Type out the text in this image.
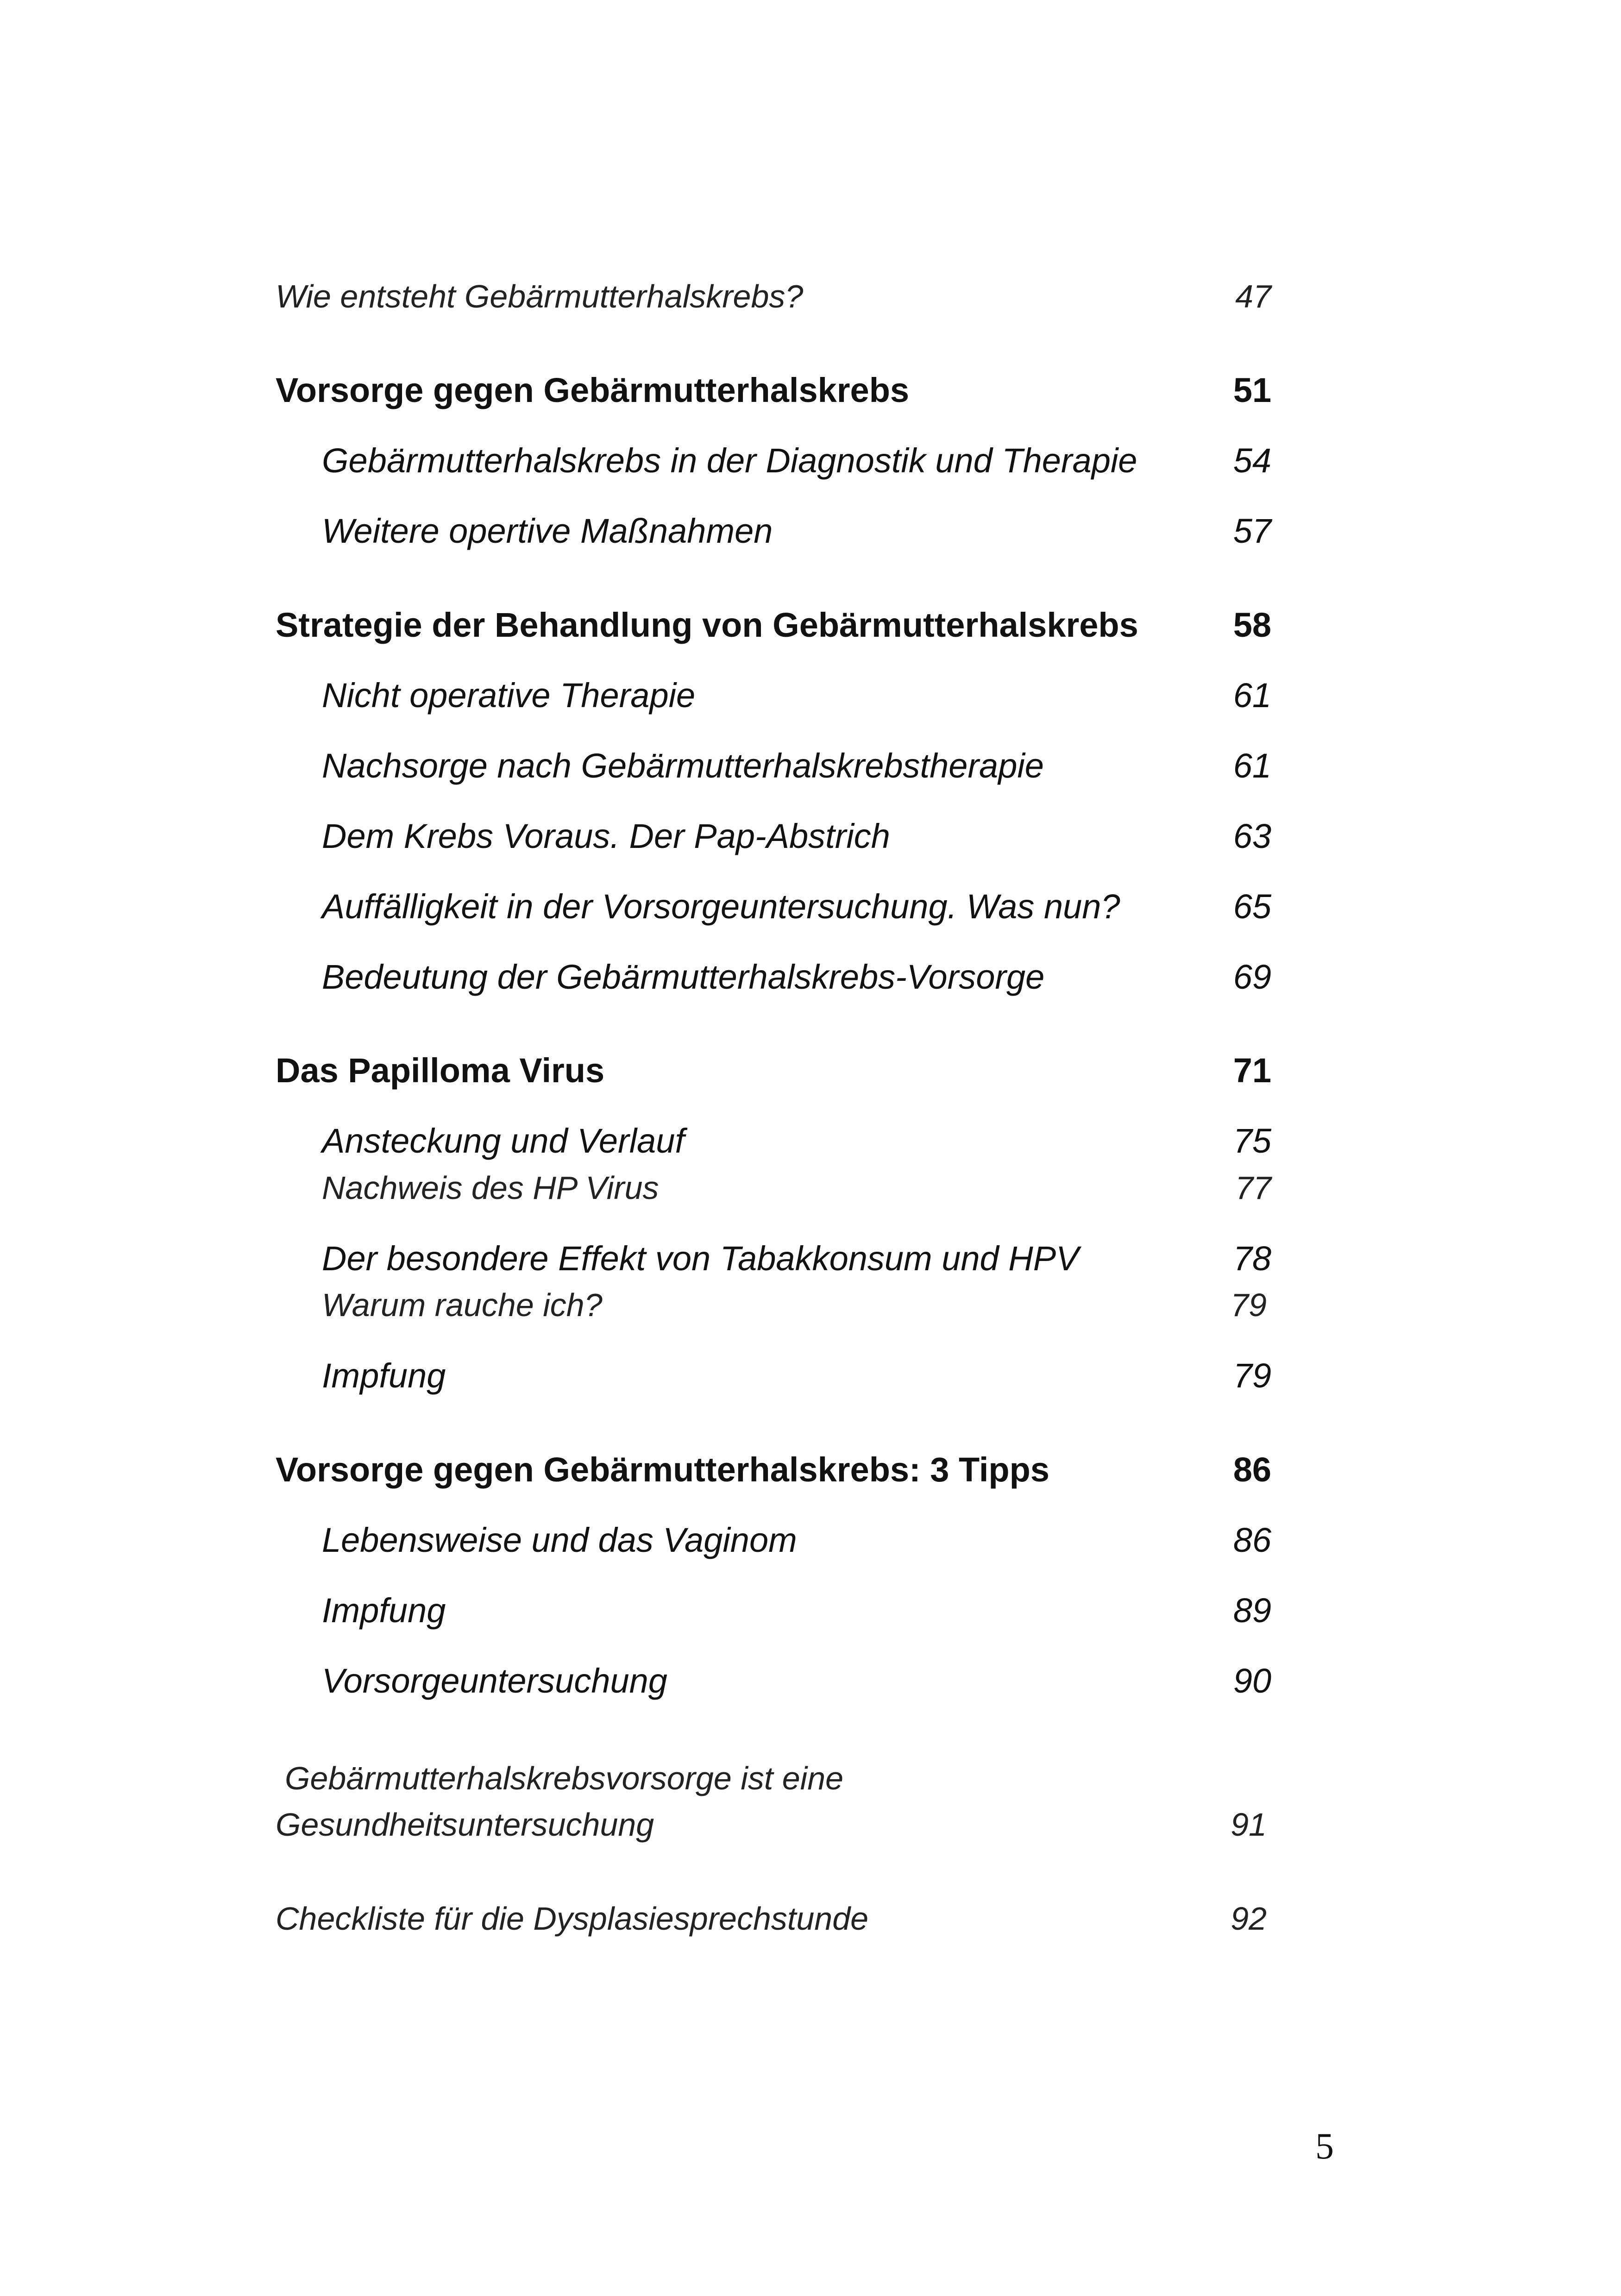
Wie entsteht Gebärmutterhalskrebs?	47
Vorsorge gegen Gebärmutterhalskrebs	51
Gebärmutterhalskrebs in der Diagnostik und Therapie	54
Weitere opertive Maßnahmen	57
Strategie der Behandlung von Gebärmutterhalskrebs	58
Nicht operative Therapie	61
Nachsorge nach Gebärmutterhalskrebstherapie	61
Dem Krebs Voraus. Der Pap-Abstrich	63
Auffälligkeit in der Vorsorgeuntersuchung. Was nun?	65
Bedeutung der Gebärmutterhalskrebs-Vorsorge	69
Das Papilloma Virus	71
Ansteckung und Verlauf	75
Nachweis des HP Virus	77
Der besondere Effekt von Tabakkonsum und HPV	78
Warum rauche ich?	79
Impfung	79
Vorsorge gegen Gebärmutterhalskrebs: 3 Tipps	86
Lebensweise und das Vaginom	86
Impfung	89
Vorsorgeuntersuchung	90
Gebärmutterhalskrebsvorsorge ist eine
Gesundheitsuntersuchung	91
Checkliste für die Dysplasiesprechstunde	92
5
